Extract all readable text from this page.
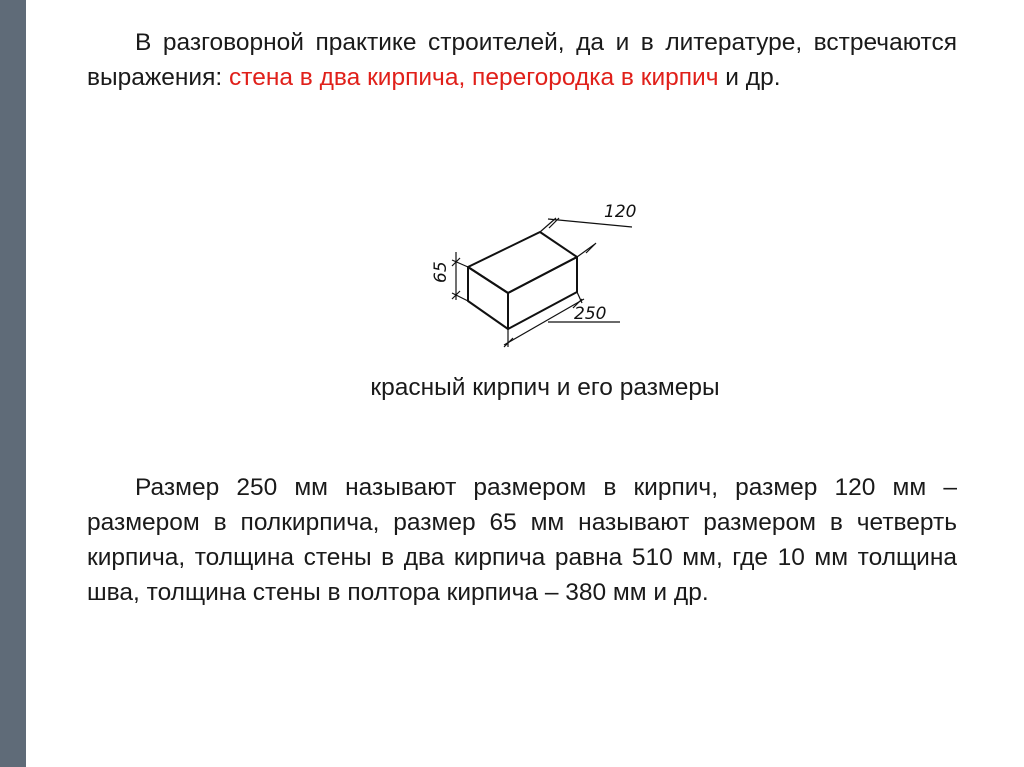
В разговорной практике строителей, да и в литературе, встречаются выражения: стена в два кирпича, перегородка в кирпич и др.

120
65
250
красный кирпич и его размеры

Размер 250 мм называют размером в кирпич, размер 120 мм – размером в полкирпича, размер 65 мм называют размером в четверть кирпича, толщина стены в два кирпича равна 510 мм, где 10 мм толщина шва, толщина стены в полтора кирпича – 380 мм и др.
